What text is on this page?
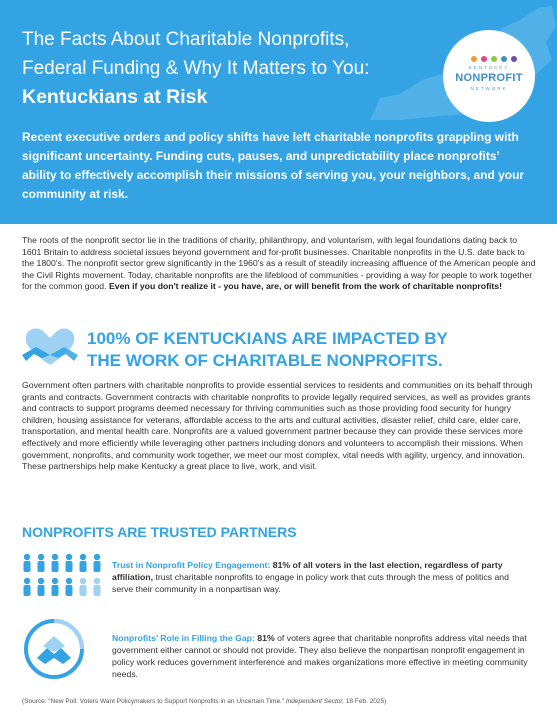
KENTUCKY
NONPROFIT
NETWORK
The Facts About Charitable Nonprofits,
Federal Funding & Why It Matters to You:
Kentuckians at Risk
Recent executive orders and policy shifts have left charitable nonprofits grappling with significant uncertainty. Funding cuts, pauses, and unpredictability place nonprofits’ ability to effectively accomplish their missions of serving you, your neighbors, and your community at risk.
The roots of the nonprofit sector lie in the traditions of charity, philanthropy, and voluntarism, with legal foundations dating back to 1601 Britain to address societal issues beyond government and for-profit businesses. Charitable nonprofits in the U.S. date back to the 1800's. The nonprofit sector grew significantly in the 1960's as a result of steadily increasing affluence of the American people and the Civil Rights movement. Today, charitable nonprofits are the lifeblood of communities - providing a way for people to work together for the common good. Even if you don't realize it - you have, are, or will benefit from the work of charitable nonprofits!
100% OF KENTUCKIANS ARE IMPACTED BY
THE WORK OF CHARITABLE NONPROFITS.
Government often partners with charitable nonprofits to provide essential services to residents and communities on its behalf through grants and contracts. Government contracts with charitable nonprofits to provide legally required services, as well as provides grants and contracts to support programs deemed necessary for thriving communities such as those providing food security for hungry children, housing assistance for veterans, affordable access to the arts and cultural activities, disaster relief, child care, elder care, transportation, and mental health care. Nonprofits are a valued government partner because they can provide these services more effectively and more efficiently while leveraging other partners including donors and volunteers to accomplish their missions. When government, nonprofits, and community work together, we meet our most complex, vital needs with agility, urgency, and innovation. These partnerships help make Kentucky a great place to live, work, and visit.
NONPROFITS ARE TRUSTED PARTNERS
Trust in Nonprofit Policy Engagement: 81% of all voters in the last election, regardless of party affiliation, trust charitable nonprofits to engage in policy work that cuts through the mess of politics and serve their community in a nonpartisan way.
Nonprofits’ Role in Filling the Gap: 81% of voters agree that charitable nonprofits address vital needs that government either cannot or should not provide. They also believe the nonpartisan nonprofit engagement in policy work reduces government interference and makes organizations more effective in meeting community needs.
(Source: “New Poll: Voters Want Policymakers to Support Nonprofits in an Uncertain Time.” Independent Sector, 18 Feb. 2025)
